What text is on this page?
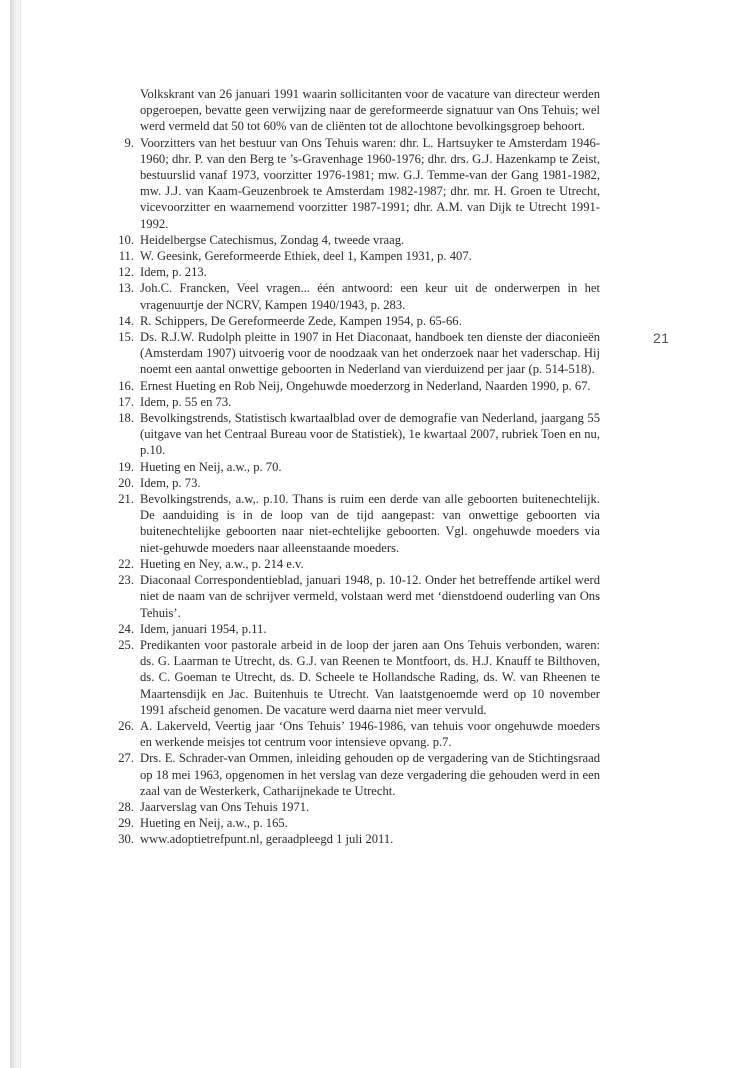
21

Volkskrant van 26 januari 1991 waarin sollicitanten voor de vacature van directeur werden opgeroepen, bevatte geen verwijzing naar de gereformeerde signatuur van Ons Tehuis; wel werd vermeld dat 50 tot 60% van de cliënten tot de allochtone bevolkingsgroep behoort.

9 . Voorzitters van het bestuur van Ons Tehuis waren: dhr. L. Hartsuyker te Amsterdam 1946-1960; dhr. P. van den Berg te ’s-Gravenhage 1960-1976; dhr. drs. G.J. Hazenkamp te Zeist, bestuurslid vanaf 1973, voorzitter 1976-1981; mw. G.J. Temme-van der Gang 1981-1982, mw. J.J. van Kaam-Geuzenbroek te Amsterdam 1982-1987; dhr. mr. H. Groen te Utrecht, vicevoorzitter en waarnemend voorzitter 1987-1991; dhr. A.M. van Dijk te Utrecht 1991-1992.

10 . Heidelbergse Catechismus, Zondag 4, tweede vraag.

11 . W. Geesink, Gereformeerde Ethiek, deel 1, Kampen 1931, p. 407.

12 . Idem, p. 213.

13 . Joh.C. Francken, Veel vragen... één antwoord: een keur uit de onderwerpen in het vragenuurtje der NCRV, Kampen 1940/1943, p. 283.

14 . R. Schippers, De Gereformeerde Zede, Kampen 1954, p. 65-66.

15 . Ds. R.J.W. Rudolph pleitte in 1907 in Het Diaconaat, handboek ten dienste der diaconieën (Amsterdam 1907) uitvoerig voor de noodzaak van het onderzoek naar het vaderschap. Hij noemt een aantal onwettige geboorten in Nederland van vierduizend per jaar (p. 514-518).

16 . Ernest Hueting en Rob Neij, Ongehuwde moederzorg in Nederland, Naarden 1990, p. 67.

17 . Idem, p. 55 en 73.

18 . Bevolkingstrends, Statistisch kwartaalblad over de demografie van Nederland, jaargang 55 (uitgave van het Centraal Bureau voor de Statistiek), 1e kwartaal 2007, rubriek Toen en nu, p.10.

19 . Hueting en Neij, a.w., p. 70.

20 . Idem, p. 73.

21 . Bevolkingstrends, a.w,. p.10. Thans is ruim een derde van alle geboorten buitenechtelijk. De aanduiding is in de loop van de tijd aangepast: van onwettige geboorten via buitenechtelijke geboorten naar niet-echtelijke geboorten. Vgl. ongehuwde moeders via niet-gehuwde moeders naar alleenstaande moeders.

22 . Hueting en Ney, a.w., p. 214 e.v.

23 . Diaconaal Correspondentieblad, januari 1948, p. 10-12. Onder het betreffende artikel werd niet de naam van de schrijver vermeld, volstaan werd met ‘dienstdoend ouderling van Ons Tehuis’.

24 . Idem, januari 1954, p.11.

25 . Predikanten voor pastorale arbeid in de loop der jaren aan Ons Tehuis verbonden, waren: ds. G. Laarman te Utrecht, ds. G.J. van Reenen te Montfoort, ds. H.J. Knauff te Bilthoven, ds. C. Goeman te Utrecht, ds. D. Scheele te Hollandsche Rading, ds. W. van Rheenen te Maartensdijk en Jac. Buitenhuis te Utrecht. Van laatstgenoemde werd op 10 november 1991 afscheid genomen. De vacature werd daarna niet meer vervuld.

26 . A. Lakerveld, Veertig jaar ‘Ons Tehuis’ 1946-1986, van tehuis voor ongehuwde moeders en werkende meisjes tot centrum voor intensieve opvang. p.7.

27 . Drs. E. Schrader-van Ommen, inleiding gehouden op de vergadering van de Stichtingsraad op 18 mei 1963, opgenomen in het verslag van deze vergadering die gehouden werd in een zaal van de Westerkerk, Catharijnekade te Utrecht.

28 . Jaarverslag van Ons Tehuis 1971.

29 . Hueting en Neij, a.w., p. 165.

30 . www.adoptietrefpunt.nl, geraadpleegd 1 juli 2011.
